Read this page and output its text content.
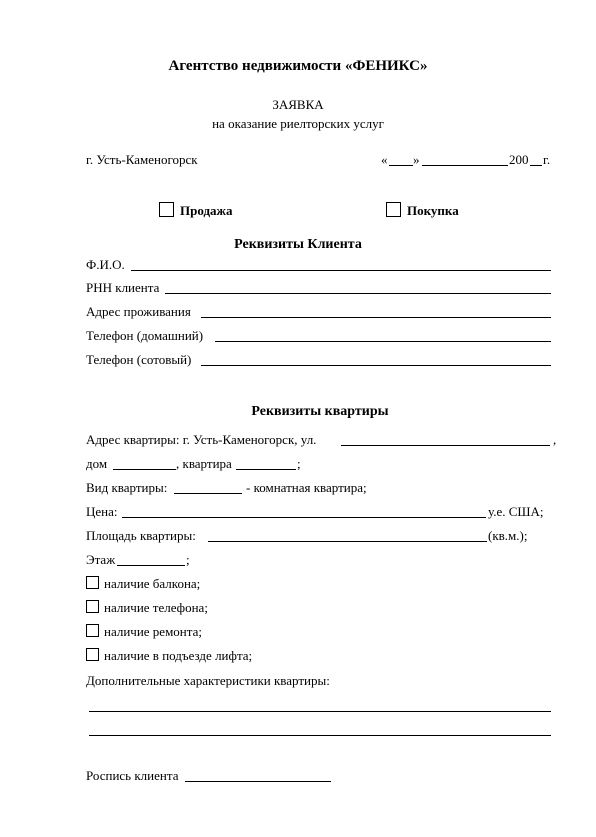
Агентство недвижимости «ФЕНИКС»
ЗАЯВКА
на оказание риелторских услуг
г. Усть-Каменогорск	« »	200 г.
Продажа	Покупка
Реквизиты Клиента
Ф.И.О.
РНН клиента
Адрес проживания
Телефон (домашний)
Телефон (сотовый)
Реквизиты квартиры
Адрес квартиры: г. Усть-Каменогорск, ул.	,
дом	, квартира	;
Вид квартиры:	- комнатная квартира;
Цена:	у.е. США;
Площадь квартиры:	(кв.м.);
Этаж	;
наличие балкона;
наличие телефона;
наличие ремонта;
наличие в подъезде лифта;
Дополнительные характеристики квартиры:
Роспись клиента
